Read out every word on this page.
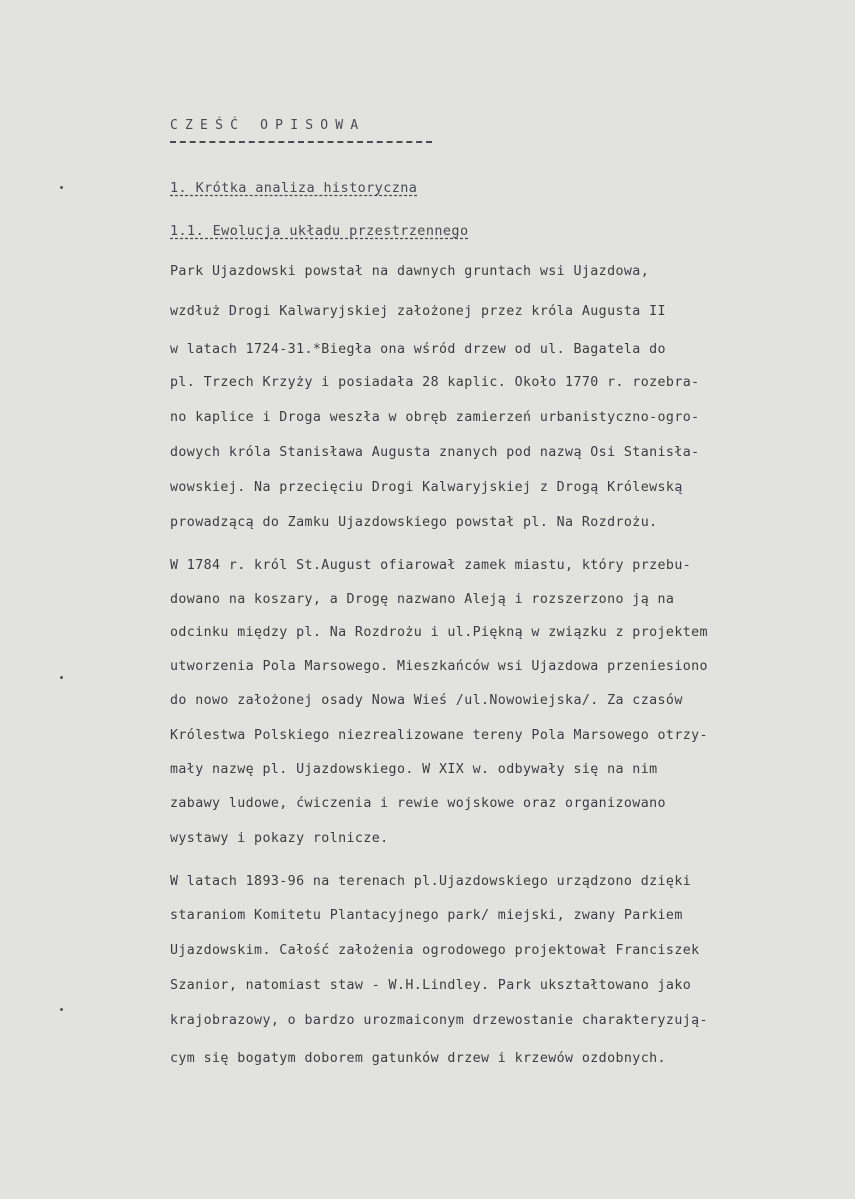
CZEŚĆ OPISOWA
1. Krótka analiza historyczna
1.1. Ewolucja układu przestrzennego
Park Ujazdowski powstał na dawnych gruntach wsi Ujazdowa,
wzdłuż Drogi Kalwaryjskiej założonej przez króla Augusta II
w latach 1724-31.*Biegła ona wśród drzew od ul. Bagatela do
pl. Trzech Krzyży i posiadała 28 kaplic. Około 1770 r. rozebra-
no kaplice i Droga weszła w obręb zamierzeń urbanistyczno-ogro-
dowych króla Stanisława Augusta znanych pod nazwą Osi Stanisła-
wowskiej. Na przecięciu Drogi Kalwaryjskiej z Drogą Królewską
prowadzącą do Zamku Ujazdowskiego powstał pl. Na Rozdrożu.
W 1784 r. król St.August ofiarował zamek miastu, który przebu-
dowano na koszary, a Drogę nazwano Aleją i rozszerzono ją na
odcinku między pl. Na Rozdrożu i ul.Piękną w związku z projektem
utworzenia Pola Marsowego. Mieszkańców wsi Ujazdowa przeniesiono
do nowo założonej osady Nowa Wieś /ul.Nowowiejska/. Za czasów
Królestwa Polskiego niezrealizowane tereny Pola Marsowego otrzy-
mały nazwę pl. Ujazdowskiego. W XIX w. odbywały się na nim
zabawy ludowe, ćwiczenia i rewie wojskowe oraz organizowano
wystawy i pokazy rolnicze.
W latach 1893-96 na terenach pl.Ujazdowskiego urządzono dzięki
staraniom Komitetu Plantacyjnego park/ miejski, zwany Parkiem
Ujazdowskim. Całość założenia ogrodowego projektował Franciszek
Szanior, natomiast staw - W.H.Lindley. Park ukształtowano jako
krajobrazowy, o bardzo urozmaiconym drzewostanie charakteryzują-
cym się bogatym doborem gatunków drzew i krzewów ozdobnych.
